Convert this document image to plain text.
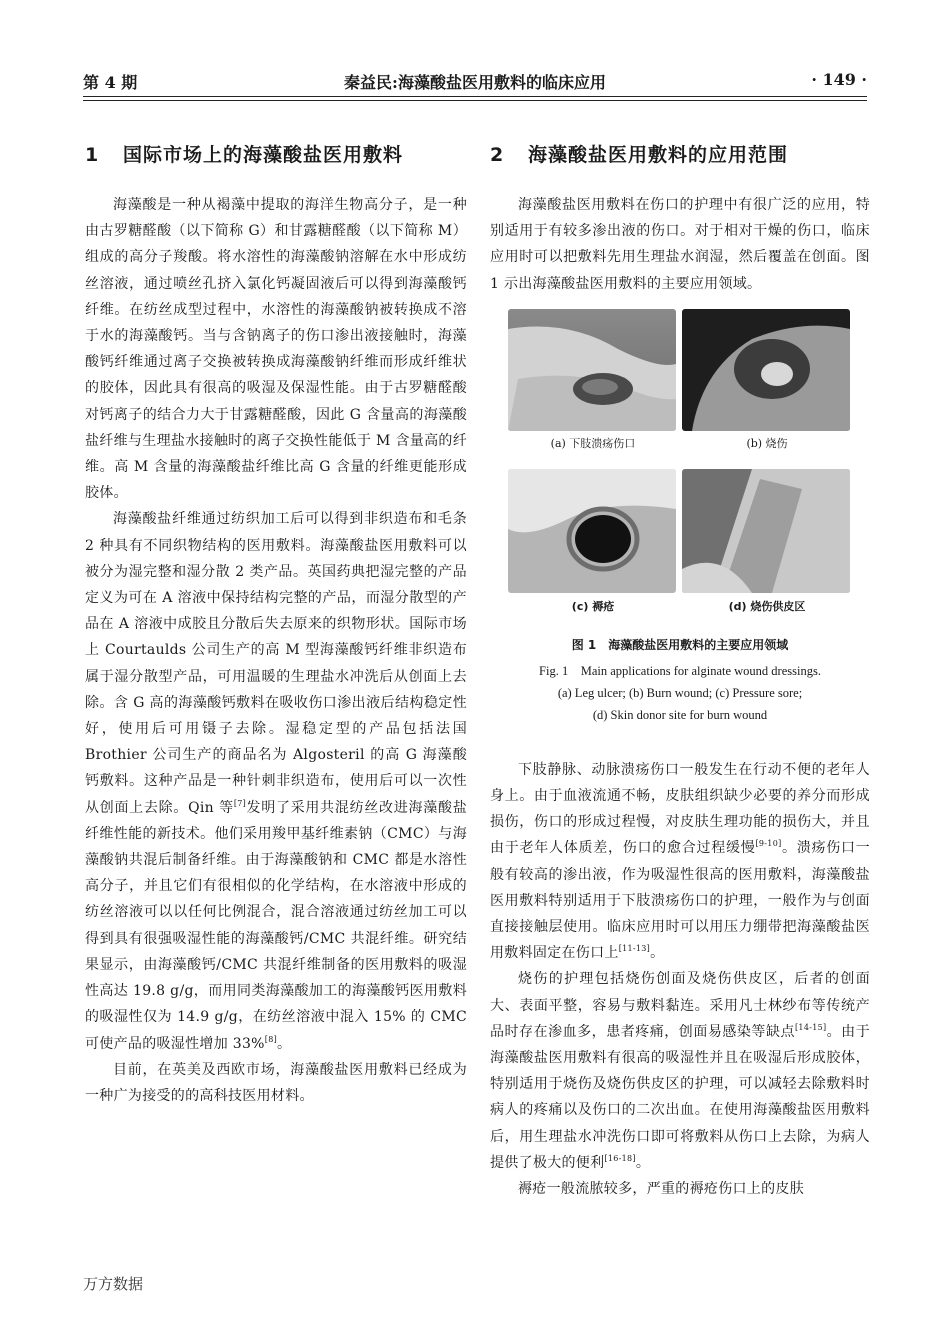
第 4 期	秦益民:海藻酸盐医用敷料的临床应用	· 149 ·
1 国际市场上的海藻酸盐医用敷料

海藻酸是一种从褐藻中提取的海洋生物高分子，是一种由古罗糖醛酸（以下简称 G）和甘露糖醛酸（以下简称 M）组成的高分子羧酸。将水溶性的海藻酸钠溶解在水中形成纺丝溶液，通过喷丝孔挤入氯化钙凝固液后可以得到海藻酸钙纤维。在纺丝成型过程中，水溶性的海藻酸钠被转换成不溶于水的海藻酸钙。当与含钠离子的伤口渗出液接触时，海藻酸钙纤维通过离子交换被转换成海藻酸钠纤维而形成纤维状的胶体，因此具有很高的吸湿及保湿性能。由于古罗糖醛酸对钙离子的结合力大于甘露糖醛酸，因此 G 含量高的海藻酸盐纤维与生理盐水接触时的离子交换性能低于 M 含量高的纤维。高 M 含量的海藻酸盐纤维比高 G 含量的纤维更能形成胶体。

海藻酸盐纤维通过纺织加工后可以得到非织造布和毛条 2 种具有不同织物结构的医用敷料。海藻酸盐医用敷料可以被分为湿完整和湿分散 2 类产品。英国药典把湿完整的产品定义为可在 A 溶液中保持结构完整的产品，而湿分散型的产品在 A 溶液中成胶且分散后失去原来的织物形状。国际市场上 Courtaulds 公司生产的高 M 型海藻酸钙纤维非织造布属于湿分散型产品，可用温暖的生理盐水冲洗后从创面上去除。含 G 高的海藻酸钙敷料在吸收伤口渗出液后结构稳定性好，使用后可用镊子去除。湿稳定型的产品包括法国 Brothier 公司生产的商品名为 Algosteril 的高 G 海藻酸钙敷料。这种产品是一种针刺非织造布，使用后可以一次性从创面上去除。Qin 等[7]发明了采用共混纺丝改进海藻酸盐纤维性能的新技术。他们采用羧甲基纤维素钠（CMC）与海藻酸钠共混后制备纤维。由于海藻酸钠和 CMC 都是水溶性高分子，并且它们有很相似的化学结构，在水溶液中形成的纺丝溶液可以以任何比例混合，混合溶液通过纺丝加工可以得到具有很强吸湿性能的海藻酸钙/CMC 共混纤维。研究结果显示，由海藻酸钙/CMC 共混纤维制备的医用敷料的吸湿性高达 19.8 g/g，而用同类海藻酸加工的海藻酸钙医用敷料的吸湿性仅为 14.9 g/g，在纺丝溶液中混入 15% 的 CMC 可使产品的吸湿性增加 33%[8]。

目前，在英美及西欧市场，海藻酸盐医用敷料已经成为一种广为接受的的高科技医用材料。

2 海藻酸盐医用敷料的应用范围

海藻酸盐医用敷料在伤口的护理中有很广泛的应用，特别适用于有较多渗出液的伤口。对于相对干燥的伤口，临床应用时可以把敷料先用生理盐水润湿，然后覆盖在创面。图 1 示出海藻酸盐医用敷料的主要应用领域。

(a) 下肢溃疡伤口	(b) 烧伤
(c) 褥疮	(d) 烧伤供皮区
图 1　海藻酸盐医用敷料的主要应用领域
Fig. 1　Main applications for alginate wound dressings.
(a) Leg ulcer; (b) Burn wound; (c) Pressure sore;
(d) Skin donor site for burn wound

下肢静脉、动脉溃疡伤口一般发生在行动不便的老年人身上。由于血液流通不畅，皮肤组织缺少必要的养分而形成损伤，伤口的形成过程慢，对皮肤生理功能的损伤大，并且由于老年人体质差，伤口的愈合过程缓慢[9-10]。溃疡伤口一般有较高的渗出液，作为吸湿性很高的医用敷料，海藻酸盐医用敷料特别适用于下肢溃疡伤口的护理，一般作为与创面直接接触层使用。临床应用时可以用压力绷带把海藻酸盐医用敷料固定在伤口上[11-13]。

烧伤的护理包括烧伤创面及烧伤供皮区，后者的创面大、表面平整，容易与敷料黏连。采用凡士林纱布等传统产品时存在渗血多，患者疼痛，创面易感染等缺点[14-15]。由于海藻酸盐医用敷料有很高的吸湿性并且在吸湿后形成胶体，特别适用于烧伤及烧伤供皮区的护理，可以减轻去除敷料时病人的疼痛以及伤口的二次出血。在使用海藻酸盐医用敷料后，用生理盐水冲洗伤口即可将敷料从伤口上去除，为病人提供了极大的便利[16-18]。

褥疮一般流脓较多，严重的褥疮伤口上的皮肤

万方数据
